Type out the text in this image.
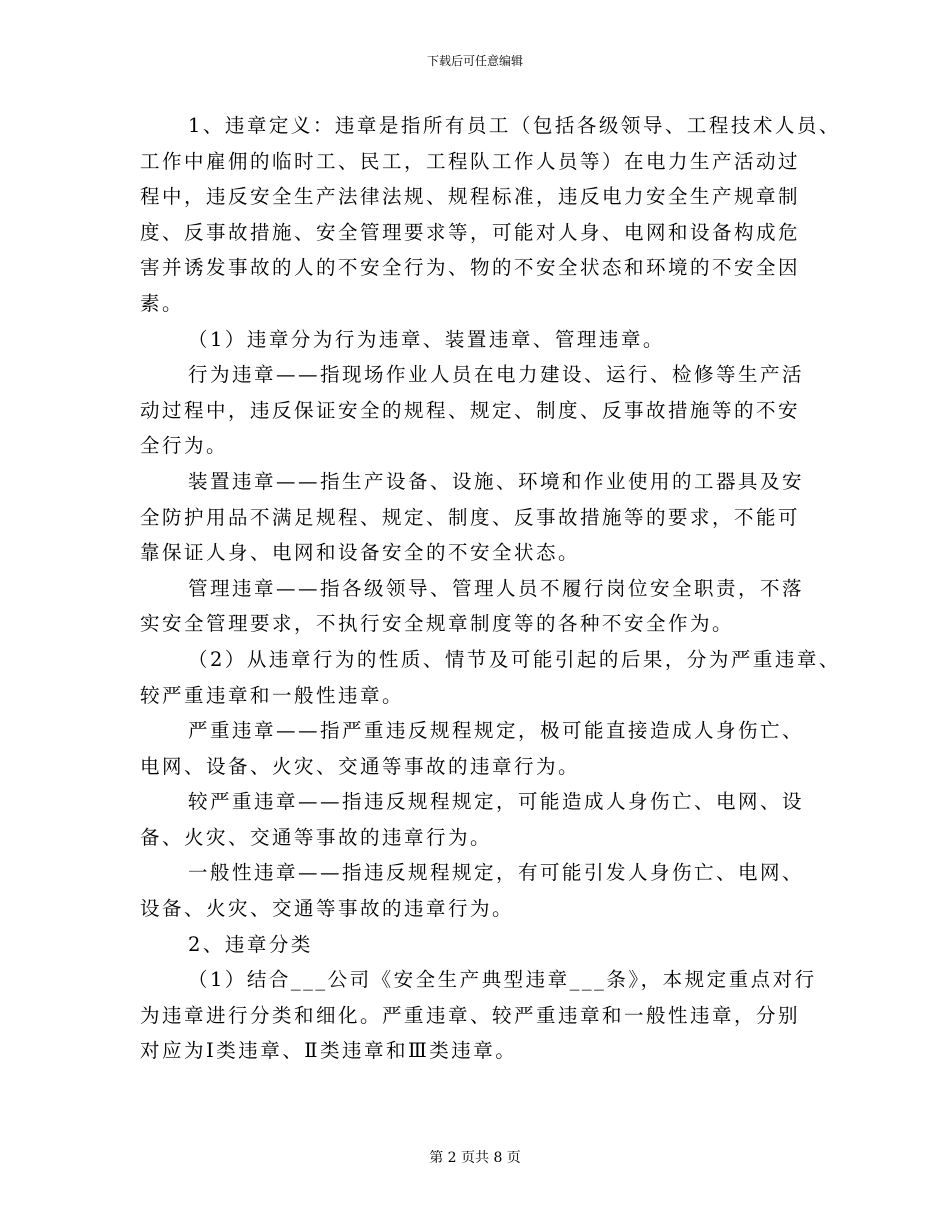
下载后可任意编辑
1、违章定义：违章是指所有员工（包括各级领导、工程技术人员、
工作中雇佣的临时工、民工，工程队工作人员等）在电力生产活动过
程中，违反安全生产法律法规、规程标准，违反电力安全生产规章制
度、反事故措施、安全管理要求等，可能对人身、电网和设备构成危
害并诱发事故的人的不安全行为、物的不安全状态和环境的不安全因
素。
（1）违章分为行为违章、装置违章、管理违章。
行为违章——指现场作业人员在电力建设、运行、检修等生产活
动过程中，违反保证安全的规程、规定、制度、反事故措施等的不安
全行为。
装置违章——指生产设备、设施、环境和作业使用的工器具及安
全防护用品不满足规程、规定、制度、反事故措施等的要求，不能可
靠保证人身、电网和设备安全的不安全状态。
管理违章——指各级领导、管理人员不履行岗位安全职责，不落
实安全管理要求，不执行安全规章制度等的各种不安全作为。
（2）从违章行为的性质、情节及可能引起的后果，分为严重违章、
较严重违章和一般性违章。
严重违章——指严重违反规程规定，极可能直接造成人身伤亡、
电网、设备、火灾、交通等事故的违章行为。
较严重违章——指违反规程规定，可能造成人身伤亡、电网、设
备、火灾、交通等事故的违章行为。
一般性违章——指违反规程规定，有可能引发人身伤亡、电网、
设备、火灾、交通等事故的违章行为。
2、违章分类
（1）结合___公司《安全生产典型违章___条》，本规定重点对行
为违章进行分类和细化。严重违章、较严重违章和一般性违章，分别
对应为Ⅰ类违章、Ⅱ类违章和Ⅲ类违章。
第 2 页共 8 页
